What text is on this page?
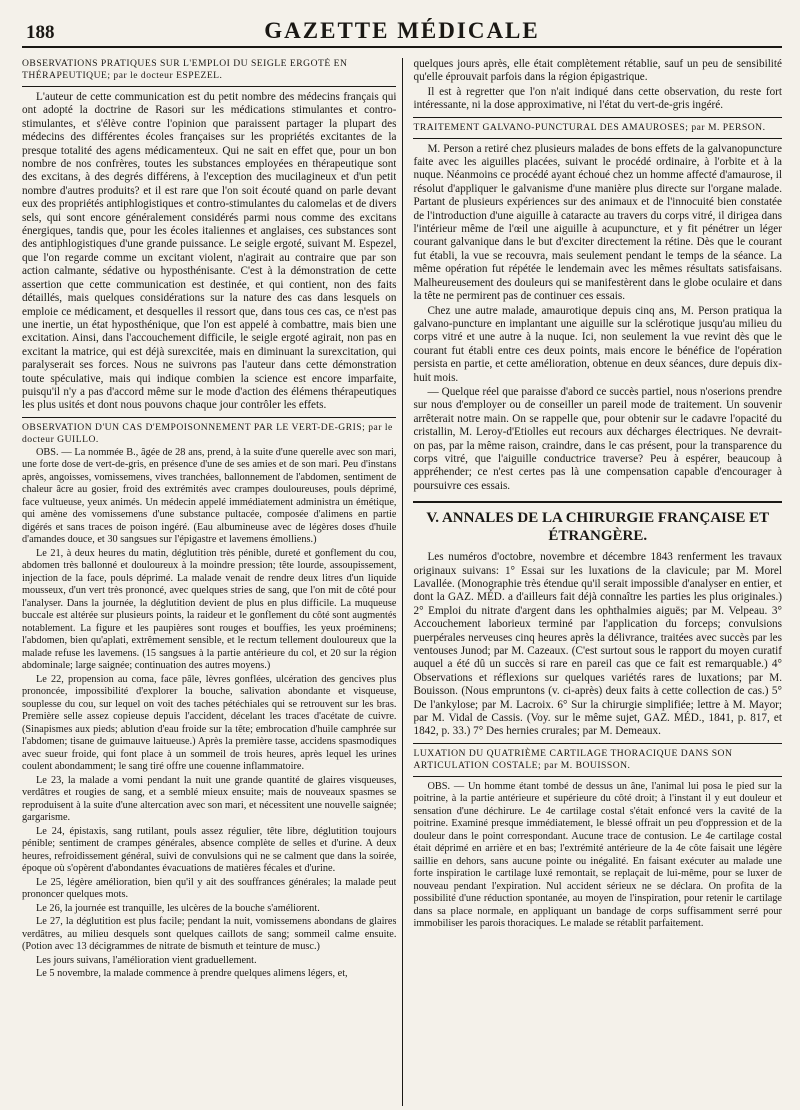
188	GAZETTE MÉDICALE

OBSERVATIONS PRATIQUES SUR L'EMPLOI DU SEIGLE ERGOTÉ EN THÉRAPEUTIQUE; par le docteur ESPEZEL.

L'auteur de cette communication est du petit nombre des médecins français qui ont adopté la doctrine de Rasori sur les médications stimulantes et contro-stimulantes, et s'élève contre l'opinion que paraissent partager la plupart des médecins des différentes écoles françaises sur les propriétés excitantes de la presque totalité des agens médicamenteux. Qui ne sait en effet que, pour un bon nombre de nos confrères, toutes les substances employées en thérapeutique sont des excitans, à des degrés différens, à l'exception des mucilagineux et d'un petit nombre d'autres produits? et il est rare que l'on soit écouté quand on parle devant eux des propriétés antiphlogistiques et contro-stimulantes du calomelas et de divers sels, qui sont encore généralement considérés parmi nous comme des excitans énergiques, tandis que, pour les écoles italiennes et anglaises, ces substances sont des antiphlogistiques d'une grande puissance. Le seigle ergoté, suivant M. Espezel, que l'on regarde comme un excitant violent, n'agirait au contraire que par son action calmante, sédative ou hyposthénisante. C'est à la démonstration de cette assertion que cette communication est destinée, et qui contient, non des faits détaillés, mais quelques considérations sur la nature des cas dans lesquels on emploie ce médicament, et desquelles il ressort que, dans tous ces cas, ce n'est pas une inertie, un état hyposthénique, que l'on est appelé à combattre, mais bien une excitation. Ainsi, dans l'accouchement difficile, le seigle ergoté agirait, non pas en excitant la matrice, qui est déjà surexcitée, mais en diminuant la surexcitation, qui paralyserait ses forces. Nous ne suivrons pas l'auteur dans cette démonstration toute spéculative, mais qui indique combien la science est encore imparfaite, puisqu'il n'y a pas d'accord même sur le mode d'action des élémens thérapeutiques les plus usités et dont nous pouvons chaque jour contrôler les effets.

OBSERVATION D'UN CAS D'EMPOISONNEMENT PAR LE VERT-DE-GRIS; par le docteur GUILLO.

OBS. — La nommée B., âgée de 28 ans, prend, à la suite d'une querelle avec son mari, une forte dose de vert-de-gris, en présence d'une de ses amies et de son mari. Peu d'instans après, angoisses, vomissemens, vives tranchées, ballonnement de l'abdomen, sentiment de chaleur âcre au gosier, froid des extrémités avec crampes douloureuses, pouls déprimé, face vultueuse, yeux animés. Un médecin appelé immédiatement administra un émétique, qui amène des vomissemens d'une substance pultacée, composée d'alimens en partie digérés et sans traces de poison ingéré. (Eau albumineuse avec de légères doses d'huile d'amandes douce, et 30 sangsues sur l'épigastre et lavemens émolliens.)

Le 21, à deux heures du matin, déglutition très pénible, dureté et gonflement du cou, abdomen très ballonné et douloureux à la moindre pression; tête lourde, assoupissement, injection de la face, pouls déprimé. La malade venait de rendre deux litres d'un liquide mousseux, d'un vert très prononcé, avec quelques stries de sang, que l'on mit de côté pour l'analyser. Dans la journée, la déglutition devient de plus en plus difficile. La muqueuse buccale est altérée sur plusieurs points, la raideur et le gonflement du côté sont augmentés notablement. La figure et les paupières sont rouges et bouffies, les yeux proéminens; l'abdomen, bien qu'aplati, extrêmement sensible, et le rectum tellement douloureux que la malade refuse les lavemens. (15 sangsues à la partie antérieure du col, et 20 sur la région abdominale; large saignée; continuation des autres moyens.)

Le 22, propension au coma, face pâle, lèvres gonflées, ulcération des gencives plus prononcée, impossibilité d'explorer la bouche, salivation abondante et visqueuse, souplesse du cou, sur lequel on voit des taches pétéchiales qui se retrouvent sur les bras. Première selle assez copieuse depuis l'accident, décelant les traces d'acétate de cuivre. (Sinapismes aux pieds; ablution d'eau froide sur la tête; embrocation d'huile camphrée sur l'abdomen; tisane de guimauve laitueuse.) Après la première tasse, accidens spasmodiques avec sueur froide, qui font place à un sommeil de trois heures, après lequel les urines coulent abondamment; le sang tiré offre une couenne inflammatoire.

Le 23, la malade a vomi pendant la nuit une grande quantité de glaires visqueuses, verdâtres et rougies de sang, et a semblé mieux ensuite; mais de nouveaux spasmes se reproduisent à la suite d'une altercation avec son mari, et nécessitent une nouvelle saignée; gargarisme.

Le 24, épistaxis, sang rutilant, pouls assez régulier, tête libre, déglutition toujours pénible; sentiment de crampes générales, absence complète de selles et d'urine. A deux heures, refroidissement général, suivi de convulsions qui ne se calment que dans la soirée, époque où s'opèrent d'abondantes évacuations de matières fécales et d'urine.

Le 25, légère amélioration, bien qu'il y ait des souffrances générales; la malade peut prononcer quelques mots.

Le 26, la journée est tranquille, les ulcères de la bouche s'améliorent.

Le 27, la déglutition est plus facile; pendant la nuit, vomissemens abondans de glaires verdâtres, au milieu desquels sont quelques caillots de sang; sommeil calme ensuite. (Potion avec 13 décigrammes de nitrate de bismuth et teinture de musc.)

Les jours suivans, l'amélioration vient graduellement.

Le 5 novembre, la malade commence à prendre quelques alimens légers, et,

quelques jours après, elle était complètement rétablie, sauf un peu de sensibilité qu'elle éprouvait parfois dans la région épigastrique.

Il est à regretter que l'on n'ait indiqué dans cette observation, du reste fort intéressante, ni la dose approximative, ni l'état du vert-de-gris ingéré.

TRAITEMENT GALVANO-PUNCTURAL DES AMAUROSES; par M. PERSON.

M. Person a retiré chez plusieurs malades de bons effets de la galvanopuncture faite avec les aiguilles placées, suivant le procédé ordinaire, à l'orbite et à la nuque. Néanmoins ce procédé ayant échoué chez un homme affecté d'amaurose, il résolut d'appliquer le galvanisme d'une manière plus directe sur l'organe malade. Partant de plusieurs expériences sur des animaux et de l'innocuité bien constatée de l'introduction d'une aiguille à cataracte au travers du corps vitré, il dirigea dans l'intérieur même de l'œil une aiguille à acupuncture, et y fit pénétrer un léger courant galvanique dans le but d'exciter directement la rétine. Dès que le courant fut établi, la vue se recouvra, mais seulement pendant le temps de la séance. La même opération fut répétée le lendemain avec les mêmes résultats satisfaisans. Malheureusement des douleurs qui se manifestèrent dans le globe oculaire et dans la tête ne permirent pas de continuer ces essais.

Chez une autre malade, amaurotique depuis cinq ans, M. Person pratiqua la galvano-puncture en implantant une aiguille sur la sclérotique jusqu'au milieu du corps vitré et une autre à la nuque. Ici, non seulement la vue revint dès que le courant fut établi entre ces deux points, mais encore le bénéfice de l'opération persista en partie, et cette amélioration, obtenue en deux séances, dure depuis dix-huit mois.

— Quelque réel que paraisse d'abord ce succès partiel, nous n'oserions prendre sur nous d'employer ou de conseiller un pareil mode de traitement. Un souvenir arrêterait notre main. On se rappelle que, pour obtenir sur le cadavre l'opacité du cristallin, M. Leroy-d'Etiolles eut recours aux décharges électriques. Ne devrait-on pas, par la même raison, craindre, dans le cas présent, pour la transparence du corps vitré, que l'aiguille conductrice traverse? Peu à espérer, beaucoup à appréhender; ce n'est certes pas là une compensation capable d'encourager à poursuivre ces essais.

V. ANNALES DE LA CHIRURGIE FRANÇAISE ET ÉTRANGÈRE.

Les numéros d'octobre, novembre et décembre 1843 renferment les travaux originaux suivans: 1° Essai sur les luxations de la clavicule; par M. Morel Lavallée. (Monographie très étendue qu'il serait impossible d'analyser en entier, et dont la GAZ. MÉD. a d'ailleurs fait déjà connaître les parties les plus originales.) 2° Emploi du nitrate d'argent dans les ophthalmies aiguës; par M. Velpeau. 3° Accouchement laborieux terminé par l'application du forceps; convulsions puerpérales nerveuses cinq heures après la délivrance, traitées avec succès par les ventouses Junod; par M. Cazeaux. (C'est surtout sous le rapport du moyen curatif auquel a été dû un succès si rare en pareil cas que ce fait est remarquable.) 4° Observations et réflexions sur quelques variétés rares de luxations; par M. Bouisson. (Nous empruntons (v. ci-après) deux faits à cette collection de cas.) 5° De l'ankylose; par M. Lacroix. 6° Sur la chirurgie simplifiée; lettre à M. Mayor; par M. Vidal de Cassis. (Voy. sur le même sujet, GAZ. MÉD., 1841, p. 817, et 1842, p. 33.) 7° Des hernies crurales; par M. Demeaux.

LUXATION DU QUATRIÈME CARTILAGE THORACIQUE DANS SON ARTICULATION COSTALE; par M. BOUISSON.

OBS. — Un homme étant tombé de dessus un âne, l'animal lui posa le pied sur la poitrine, à la partie antérieure et supérieure du côté droit; à l'instant il y eut douleur et sensation d'une déchirure. Le 4e cartilage costal s'était enfoncé vers la cavité de la poitrine. Examiné presque immédiatement, le blessé offrait un peu d'oppression et de la douleur dans le point correspondant. Aucune trace de contusion. Le 4e cartilage costal était déprimé en arrière et en bas; l'extrémité antérieure de la 4e côte faisait une légère saillie en dehors, sans aucune pointe ou inégalité. En faisant exécuter au malade une forte inspiration le cartilage luxé remontait, se replaçait de lui-même, pour se luxer de nouveau pendant l'expiration. Nul accident sérieux ne se déclara. On profita de la possibilité d'une réduction spontanée, au moyen de l'inspiration, pour retenir le cartilage dans sa place normale, en appliquant un bandage de corps suffisamment serré pour immobiliser les parois thoraciques. Le malade se rétablit parfaitement.
